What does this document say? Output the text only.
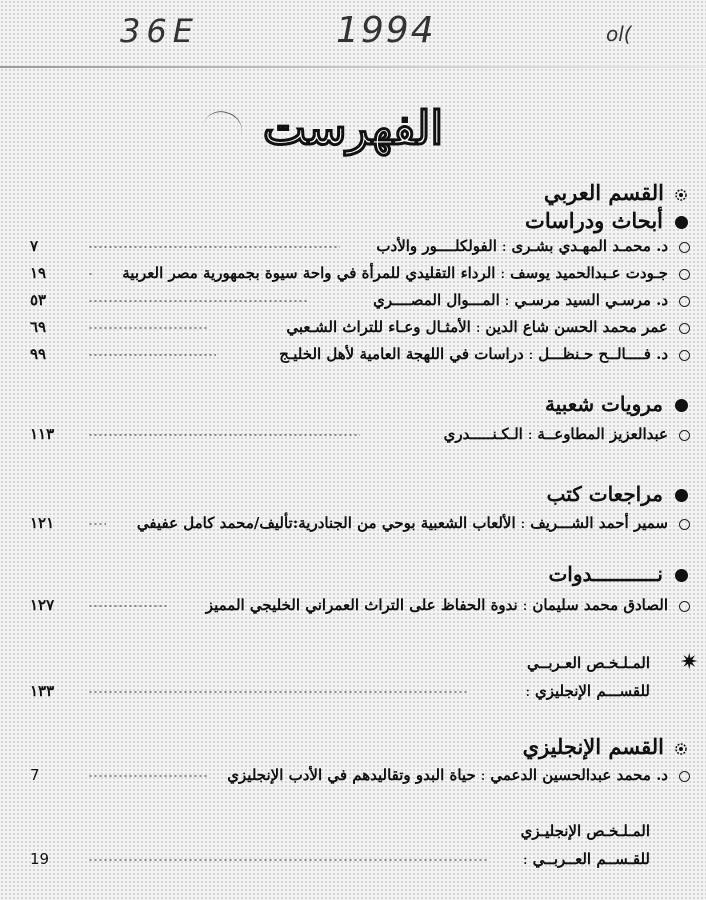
36E	1994	ol(
الفهرست
القسم العربي
أبحاث ودراسات
د. محمـد المهـدي بشـرى : الفولكلــــور والأدب
٧
جـودت عـبدالحميد يوسف : الرداء التقليدي للمرأة في واحة سيوة بجمهورية مصر العربية
١٩
د. مرسـي السيد مرسـي : المـــوال المصــــري
٥٣
عمر محمد الحسن شاع الدين : الأمثـال وعـاء للتراث الشـعبي
٦٩
د. فــــالــح حـنظـــل : دراسات في اللهجة العامية لأهل الخليـج
٩٩
مرويات شعبية
عبدالعزيز المطاوعــة : الـكـنـــــدري
١١٣
مراجعات كتب
سمير أحمد الشـــريف : الألعاب الشعبية بوحي من الجنادرية:تأليف/محمد كامل عفيفي
١٢١
نـــــــــــدوات
الصادق محمد سليمان : ندوة الحفاظ على التراث العمراني الخليجي المميز
١٢٧
✷
المـلـخـص العـربــي
للقســـم الإنجليزي :
١٣٣
القسم الإنجليزي
د. محمد عبدالحسين الدعمي : حياة البدو وتقاليدهم في الأدب الإنجليزي
7
المـلـخـص الإنجليـزي
للقـســم العــربــي :
19
